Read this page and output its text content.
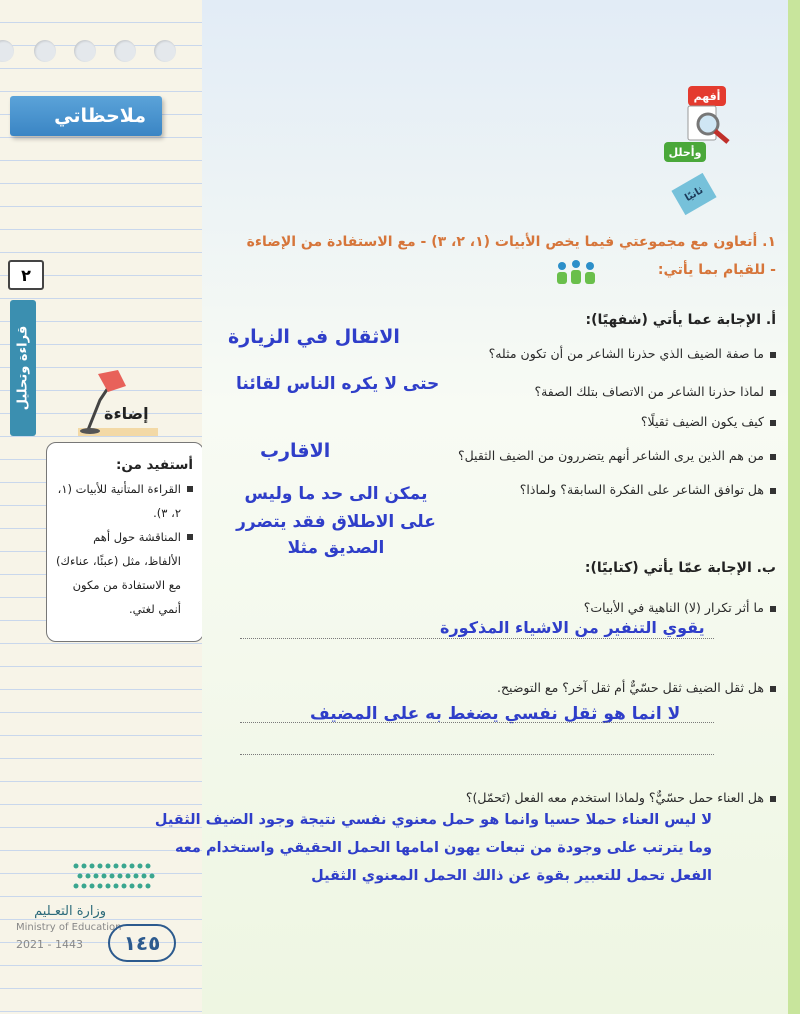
ملاحظاتي
٢
قراءة وتحليل
إضاءة
أستفيد من:
القراءة المتأنية للأبيات (١، ٢، ٣).
المناقشة حول أهم الألفاظ، مثل (عبئًا، عناءك) مع الاستفادة من مكون أنمي لغتي.
وزارة التعـليم
Ministry of Education
2021 - 1443	١٤٥
أفهم
وأحلل
ثانيًا
١. أتعاون مع مجموعتي فيما يخص الأبيات (١، ٢، ٣) - مع الاستفادة من الإضاءة
- للقيام بما يأتي:
أ. الإجابة عما يأتي (شفهيًا):
ما صفة الضيف الذي حذرنا الشاعر من أن تكون مثله؟
لماذا حذرنا الشاعر من الاتصاف بتلك الصفة؟
كيف يكون الضيف ثقيلًا؟
من هم الذين يرى الشاعر أنهم يتضررون من الضيف الثقيل؟
هل توافق الشاعر على الفكرة السابقة؟ ولماذا؟
الاثقال في الزيارة
حتى لا يكره الناس لقائنا
الاقارب
يمكن الى حد ما وليس
على الاطلاق فقد يتضرر
الصديق مثلا
ب. الإجابة عمّا يأتي (كتابيًا):
ما أثر تكرار (لا) الناهية في الأبيات؟
يقوي التنفير من الاشياء المذكورة
هل ثقل الضيف ثقل حسّيٌّ أم ثقل آخر؟ مع التوضيح.
لا انما هو ثقل نفسي يضغط به على المضيف
هل العناء حمل حسّيٌّ؟ ولماذا استخدم معه الفعل (تَحمّل)؟
لا ليس العناء حملا حسيا وانما هو حمل معنوي نفسي نتيجة وجود الضيف الثقيل
وما يترتب على وجودة من تبعات يهون امامها الحمل الحقيقي واستخدام معه
الفعل تحمل للتعبير بقوة عن ذالك الحمل المعنوي الثقيل
